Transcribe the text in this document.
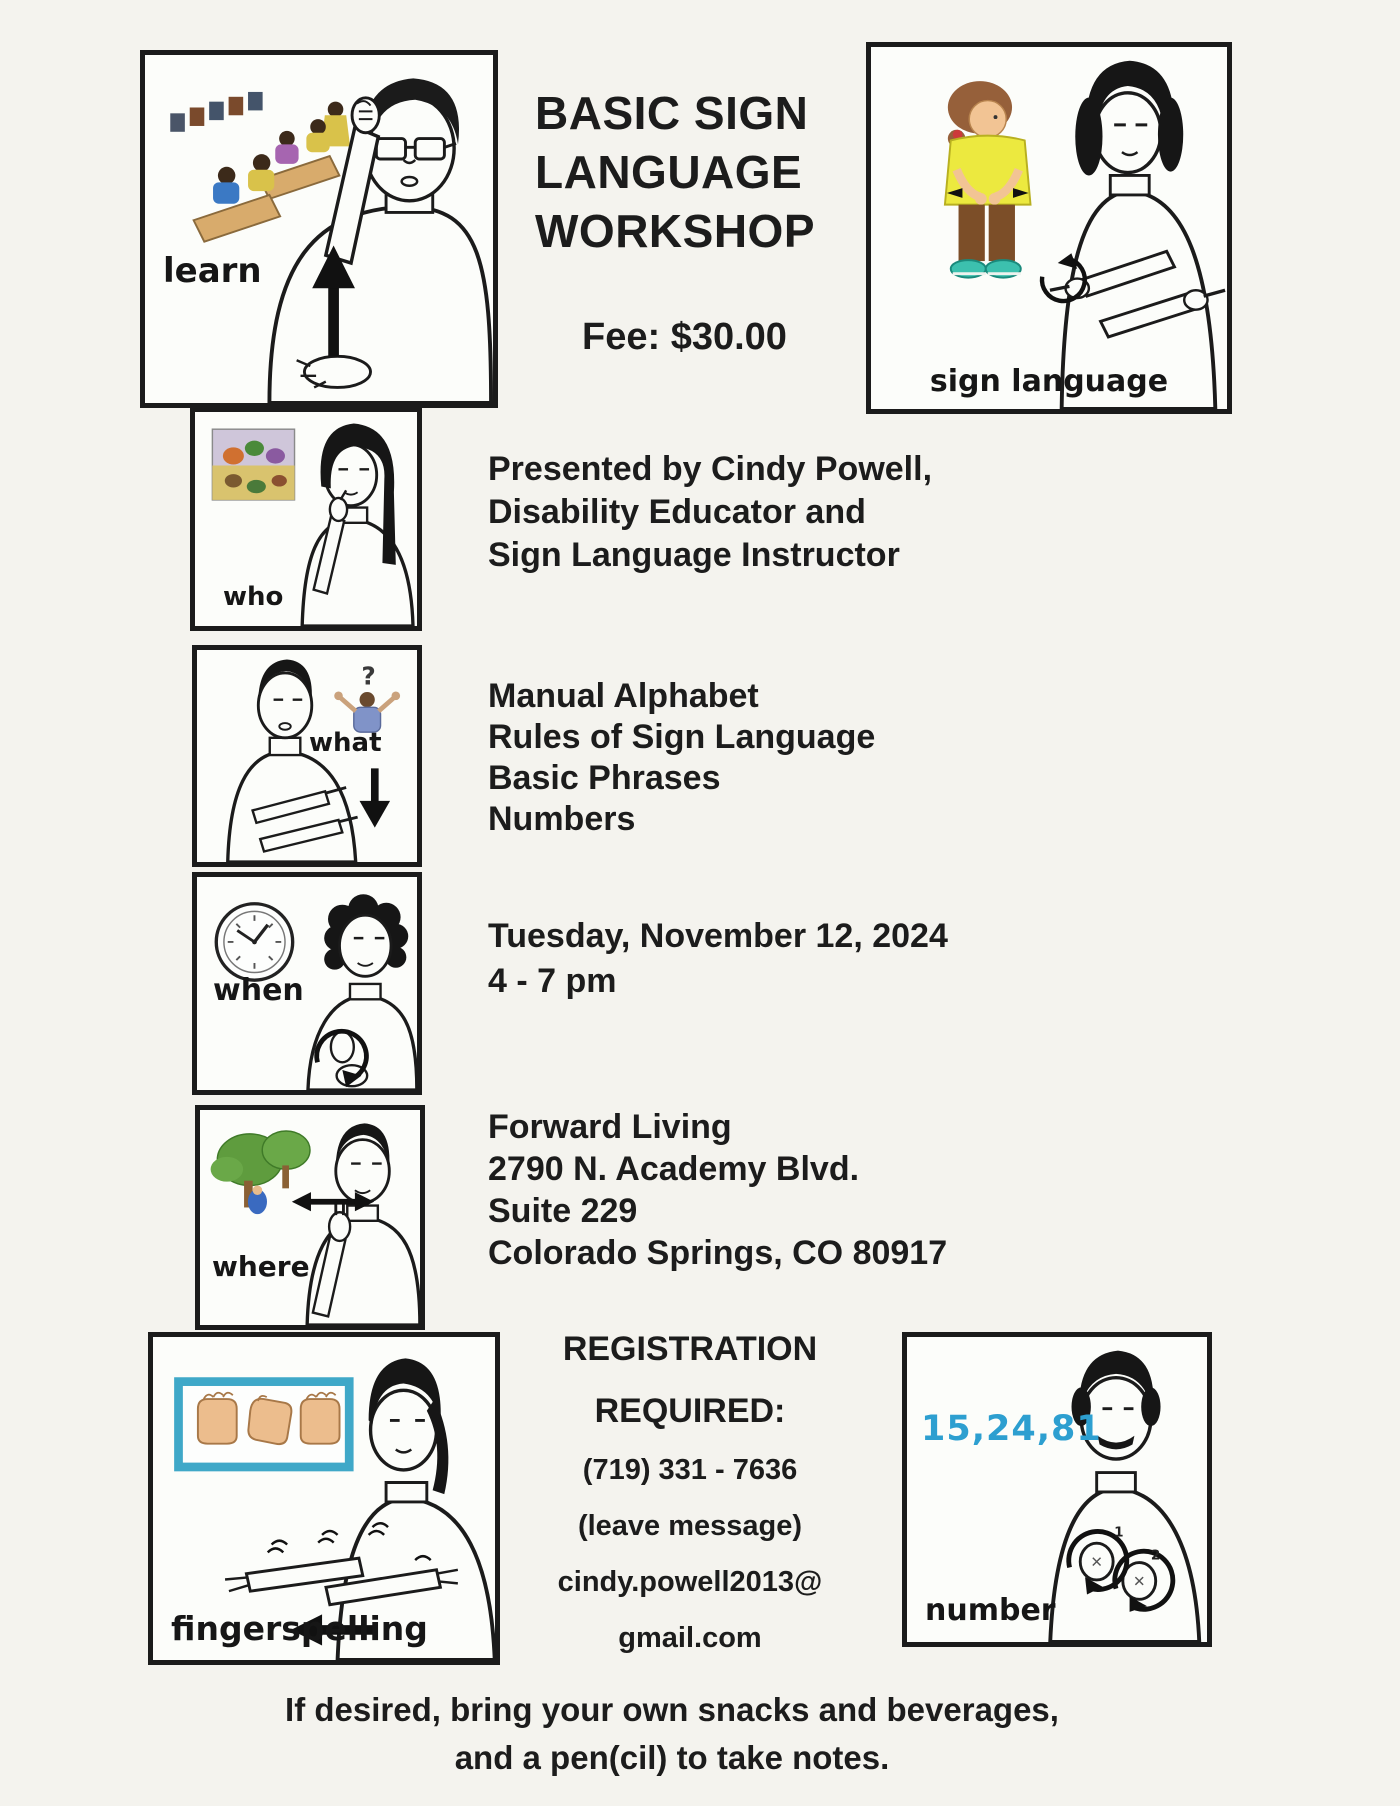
learn
BASIC SIGN
LANGUAGE
WORKSHOP
Fee: $30.00
sign language
who
Presented by Cindy Powell,
Disability Educator and
Sign Language Instructor
?
what
Manual Alphabet
Rules of Sign Language
Basic Phrases
Numbers
when
Tuesday, November 12, 2024
4 - 7 pm
where
Forward Living
2790 N. Academy Blvd.
Suite 229
Colorado Springs, CO 80917
fingerspelling
REGISTRATION
REQUIRED:
(719) 331 - 7636
(leave message)
cindy.powell2013@
gmail.com
1
2
15,24,81
number
If desired, bring your own snacks and beverages,
and a pen(cil) to take notes.
